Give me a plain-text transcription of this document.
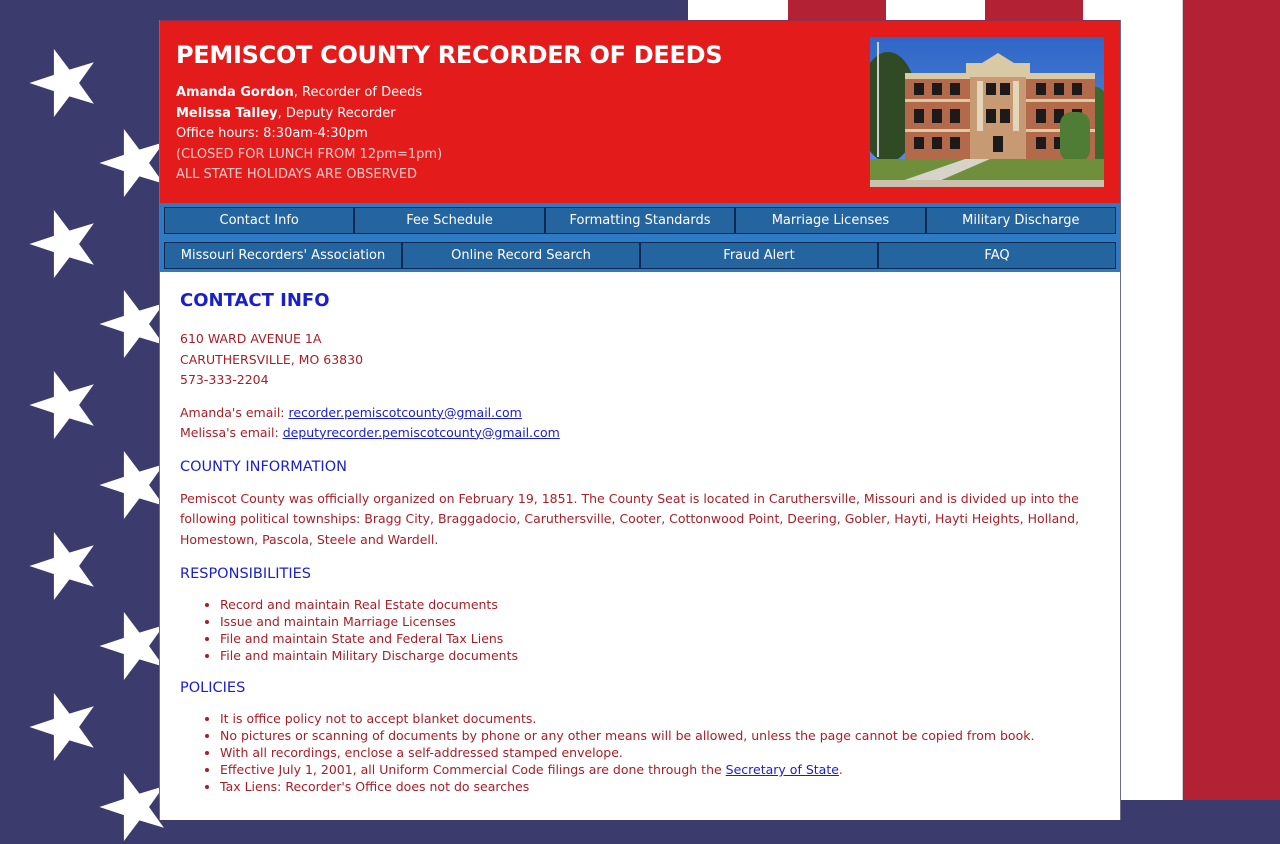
PEMISCOT COUNTY RECORDER OF DEEDS
Amanda Gordon, Recorder of Deeds
Melissa Talley, Deputy Recorder
Office hours: 8:30am-4:30pm
(CLOSED FOR LUNCH FROM 12pm=1pm)
ALL STATE HOLIDAYS ARE OBSERVED
Contact Info	Fee Schedule	Formatting Standards	Marriage Licenses	Military Discharge
Missouri Recorders' Association	Online Record Search	Fraud Alert	FAQ
CONTACT INFO
610 WARD AVENUE 1A
CARUTHERSVILLE, MO 63830
573-333-2204
Amanda's email: recorder.pemiscotcounty@gmail.com
Melissa's email: deputyrecorder.pemiscotcounty@gmail.com
COUNTY INFORMATION

Pemiscot County was officially organized on February 19, 1851. The County Seat is located in Caruthersville, Missouri and is divided up into the following political townships: Bragg City, Braggadocio, Caruthersville, Cooter, Cottonwood Point, Deering, Gobler, Hayti, Hayti Heights, Holland, Homestown, Pascola, Steele and Wardell.

RESPONSIBILITIES
• Record and maintain Real Estate documents
• Issue and maintain Marriage Licenses
• File and maintain State and Federal Tax Liens
• File and maintain Military Discharge documents
POLICIES
• It is office policy not to accept blanket documents.
• No pictures or scanning of documents by phone or any other means will be allowed, unless the page cannot be copied from book.
• With all recordings, enclose a self-addressed stamped envelope.
• Effective July 1, 2001, all Uniform Commercial Code filings are done through the Secretary of State.
• Tax Liens: Recorder's Office does not do searches
